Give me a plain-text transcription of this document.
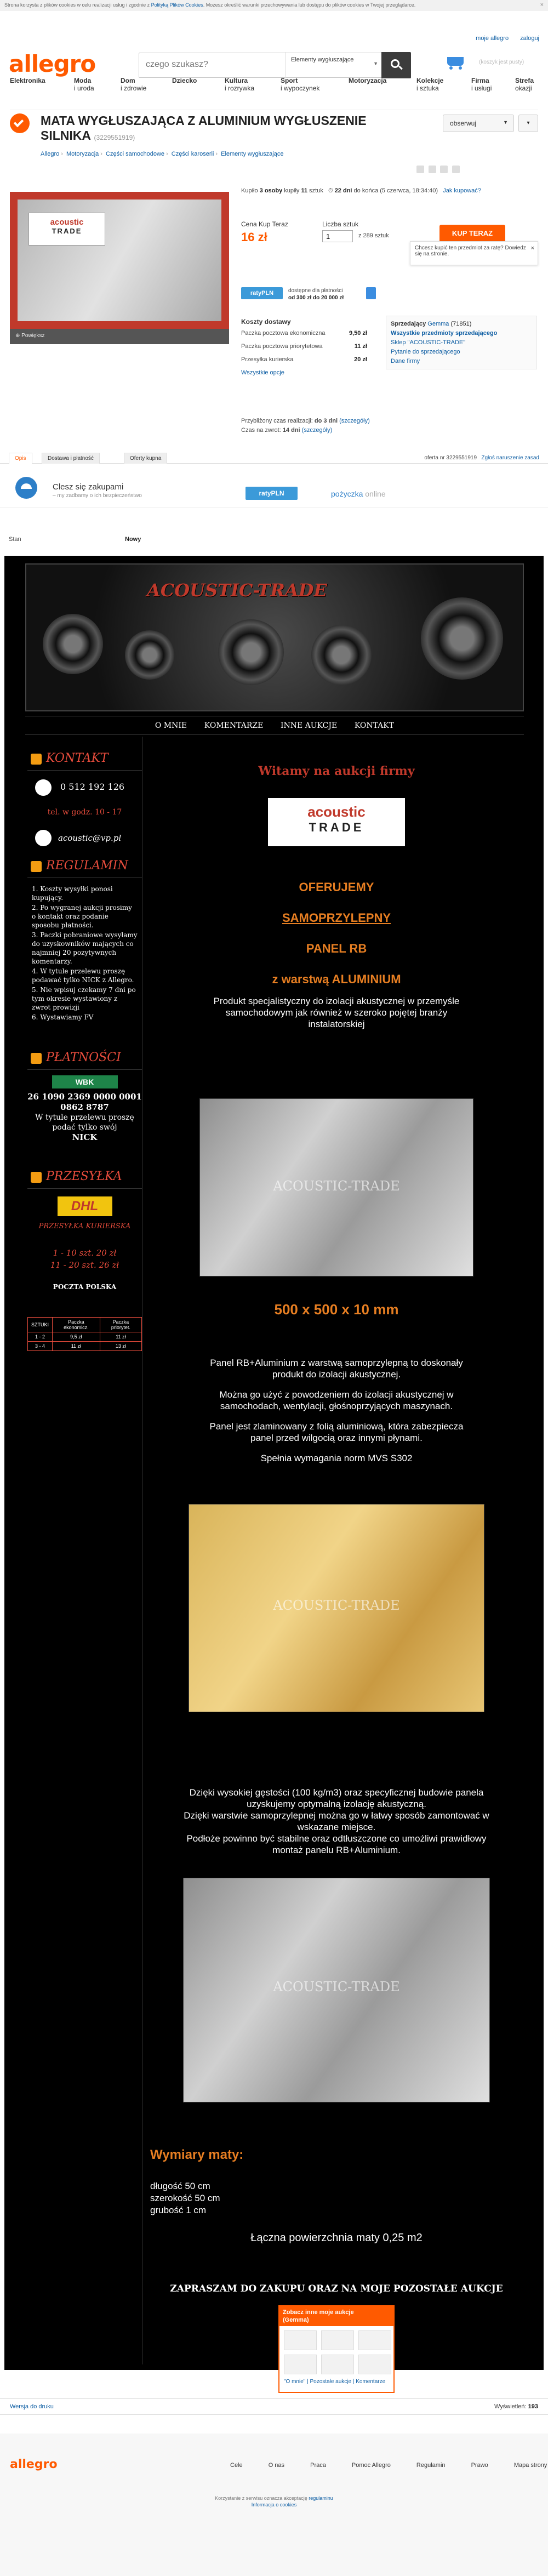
Strona korzysta z plików cookies w celu realizacji usług i zgodnie z Polityką Plików Cookies. Możesz określić warunki przechowywania lub dostępu do plików cookies w Twojej przeglądarce.	×
allegro
czego szukasz?	Elementy wygłuszające
▼
moje allegro zaloguj
(koszyk jest pusty)
Elektronika	Moda
i uroda
Dom
i zdrowie
Dziecko	Kultura
i rozrywka
Sport
i wypoczynek
Motoryzacja	Kolekcje
i sztuka
Firma
i usługi
Strefa
okazji
MATA WYGŁUSZAJĄCA Z ALUMINIUM WYGŁUSZENIE SILNIKA (3229551919)
Allegro › Motoryzacja › Części samochodowe › Części karoserii › Elementy wygłuszające
obserwuj	▼	▾

acoustic
TRADE
⊕ Powiększ
Kupiło 3 osoby kupiły 11 sztuk ⏱ 22 dni do końca (5 czerwca, 18:34:40) Jak kupować?
Cena Kup Teraz
16 zł
Liczba sztuk
1
z 289 sztuk	KUP TERAZ
ratyPLN	dostępne dla płatności
od 300 zł do 20 000 zł
Koszty dostawy
Paczka pocztowa ekonomiczna	9,50 zł
Paczka pocztowa priorytetowa	11 zł
Przesyłka kurierska	20 zł
Wszystkie opcje
Sprzedający Gemma (71851)
Wszystkie przedmioty sprzedającego
Sklep "ACOUSTIC-TRADE"
Pytanie do sprzedającego
Dane firmy
Chcesz kupić ten przedmiot za ratę? Dowiedz się na stronie.
×
Przybliżony czas realizacji: do 3 dni (szczegóły)
Czas na zwrot: 14 dni (szczegóły)
Opis	Dostawa i płatność	Oferty kupna	oferta nr 3229551919 Zgłoś naruszenie zasad
Clesz się zakupami
– my zadbamy o ich bezpieczeństwo	ratyPLN	pożyczka online
Stan	Nowy
ACOUSTIC-TRADE
O MNIE KOMENTARZE INNE AUKCJE KONTAKT
KONTAKT
0 512 192 126
tel. w godz. 10 - 17
acoustic@vp.pl
REGULAMIN

1. Koszty wysyłki ponosi kupujący.

2. Po wygranej aukcji prosimy o kontakt oraz podanie sposobu płatności.

3. Paczki pobraniowe wysyłamy do uzyskowników mających co najmniej 20 pozytywnych komentarzy.

4. W tytule przelewu proszę podawać tylko NICK z Allegro.

5. Nie wpisuj czekamy 7 dni po tym okresie wystawiony z zwrot prowizji

6. Wystawiamy FV

PŁATNOŚCI
WBK
26 1090 2369 0000 0001 0862 8787
W tytule przelewu proszę podać tylko swój
NICK
PRZESYŁKA
DHL
PRZESYŁKA KURIERSKA
1 - 10 szt. 20 zł
11 - 20 szt. 26 zł
POCZTA POLSKA
SZTUKI	Paczka ekonomicz.	Paczka priorytet.
1 - 2	9,5 zł	11 zł
3 - 4	11 zł	13 zł
Witamy na aukcji firmy
acoustic
TRADE
OFERUJEMY
SAMOPRZYLEPNY
PANEL RB
z warstwą ALUMINIUM
Produkt specjalistyczny do izolacji akustycznej w przemyśle samochodowym jak również w szeroko pojętej branży instalatorskiej
ACOUSTIC-TRADE
500 x 500 x 10 mm
Panel RB+Aluminium z warstwą samoprzylepną to doskonały produkt do izolacji akustycznej.
Można go użyć z powodzeniem do izolacji akustycznej w samochodach, wentylacji, głośnoprzyjących maszynach.
Panel jest zlaminowany z folią aluminiową, która zabezpiecza panel przed wilgocią oraz innymi płynami.
Spełnia wymagania norm MVS S302
ACOUSTIC-TRADE
Dzięki wysokiej gęstości (100 kg/m3) oraz specyficznej budowie panela uzyskujemy optymalną izolację akustyczną.
Dzięki warstwie samoprzylepnej można go w łatwy sposób zamontować w wskazane miejsce.
Podłoże powinno być stabilne oraz odtłuszczone co umożliwi prawidłowy montaż panelu RB+Aluminium.
ACOUSTIC-TRADE
Wymiary maty:
długość 50 cm
szerokość 50 cm
grubość 1 cm
Łączna powierzchnia maty 0,25 m2
ZAPRASZAM DO ZAKUPU ORAZ NA MOJE POZOSTAŁE AUKCJE
Zobacz inne moje aukcje
(Gemma)
"O mnie" | Pozostałe aukcje | Komentarze
Wersja do druku	Wyświetleń: 193
allegro	Cele	O nas	Praca	Pomoc Allegro	Regulamin	Prawo	Mapa strony
Korzystanie z serwisu oznacza akceptację regulaminu
Informacja o cookies
